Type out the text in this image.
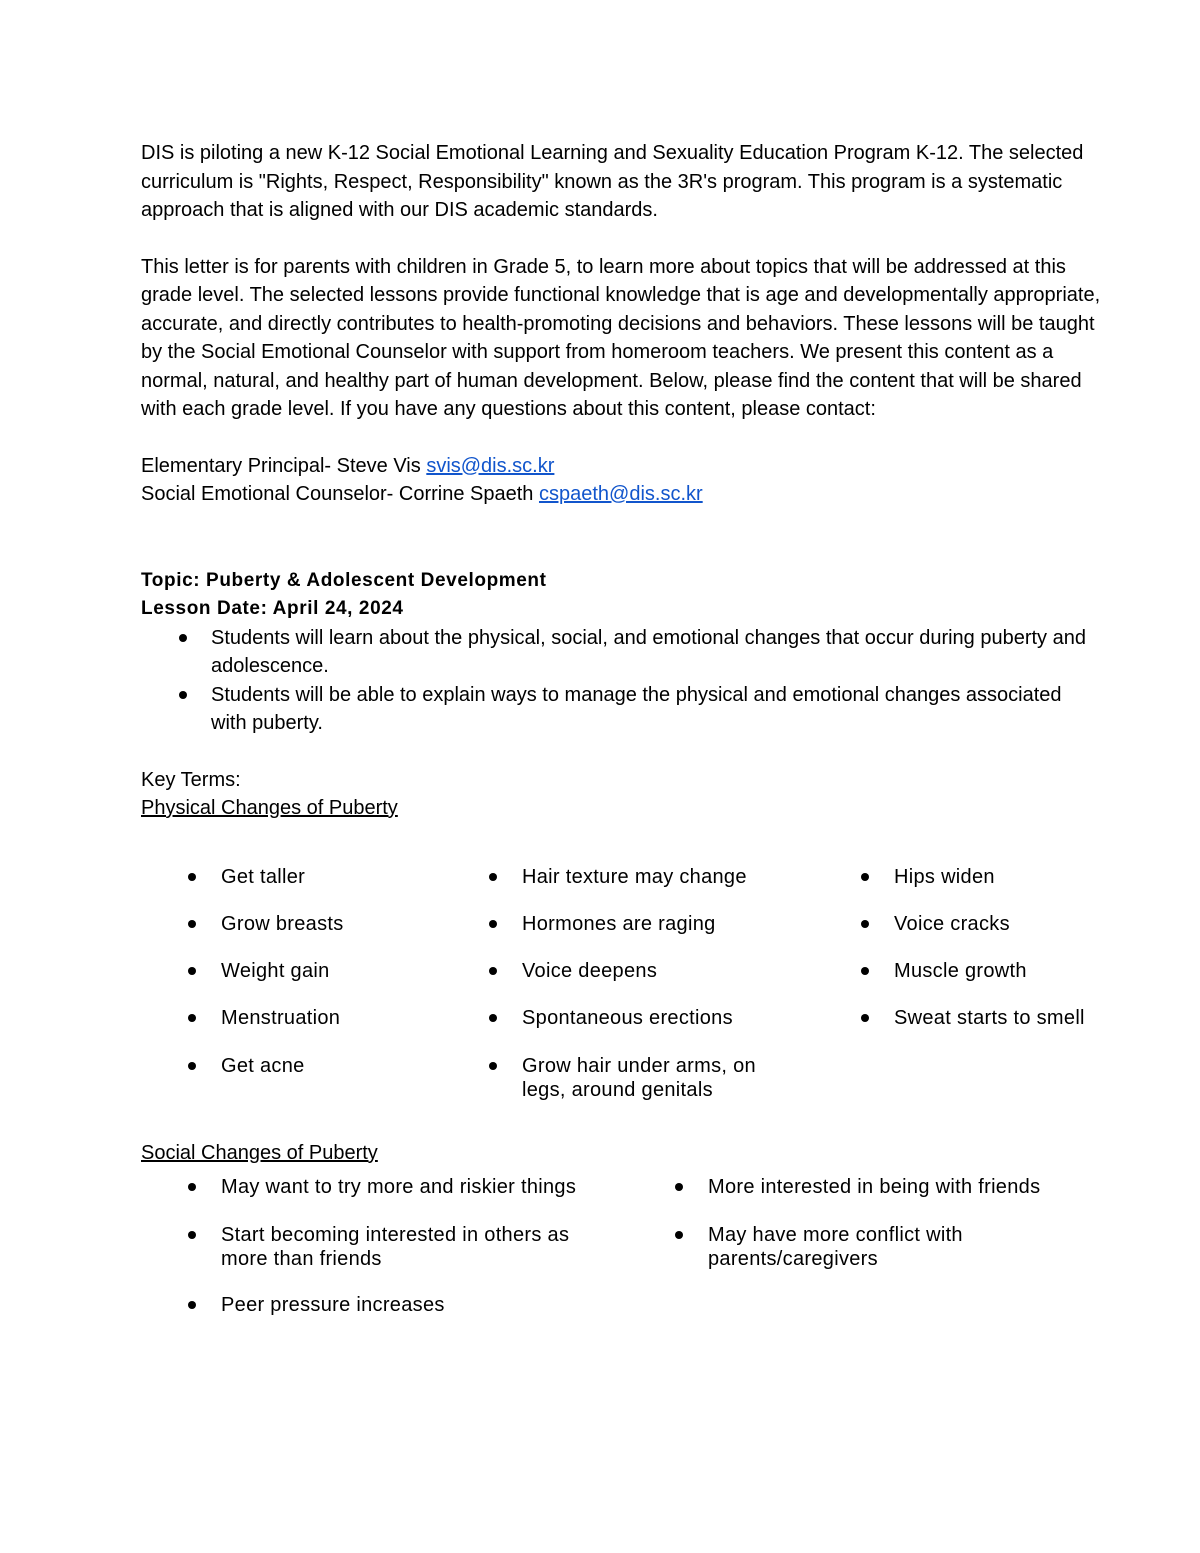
DIS is piloting a new K-12 Social Emotional Learning and Sexuality Education Program K-12. The selected curriculum is "Rights, Respect, Responsibility" known as the 3R's program. This program is a systematic approach that is aligned with our DIS academic standards.

This letter is for parents with children in Grade 5, to learn more about topics that will be addressed at this grade level. The selected lessons provide functional knowledge that is age and developmentally appropriate, accurate, and directly contributes to health-promoting decisions and behaviors. These lessons will be taught by the Social Emotional Counselor with support from homeroom teachers. We present this content as a normal, natural, and healthy part of human development. Below, please find the content that will be shared with each grade level. If you have any questions about this content, please contact:

Elementary Principal- Steve Vis svis@dis.sc.kr

Social Emotional Counselor- Corrine Spaeth cspaeth@dis.sc.kr

Topic: Puberty & Adolescent Development

Lesson Date: April 24, 2024

Students will learn about the physical, social, and emotional changes that occur during puberty and adolescence.
Students will be able to explain ways to manage the physical and emotional changes associated with puberty.

Key Terms:

Physical Changes of Puberty

Get taller
Grow breasts
Weight gain
Menstruation
Get acne
Hair texture may change
Hormones are raging
Voice deepens
Spontaneous erections
Grow hair under arms, on legs, around genitals
Hips widen
Voice cracks
Muscle growth
Sweat starts to smell

Social Changes of Puberty

May want to try more and riskier things
Start becoming interested in others as more than friends
Peer pressure increases
More interested in being with friends
May have more conflict with parents/caregivers
